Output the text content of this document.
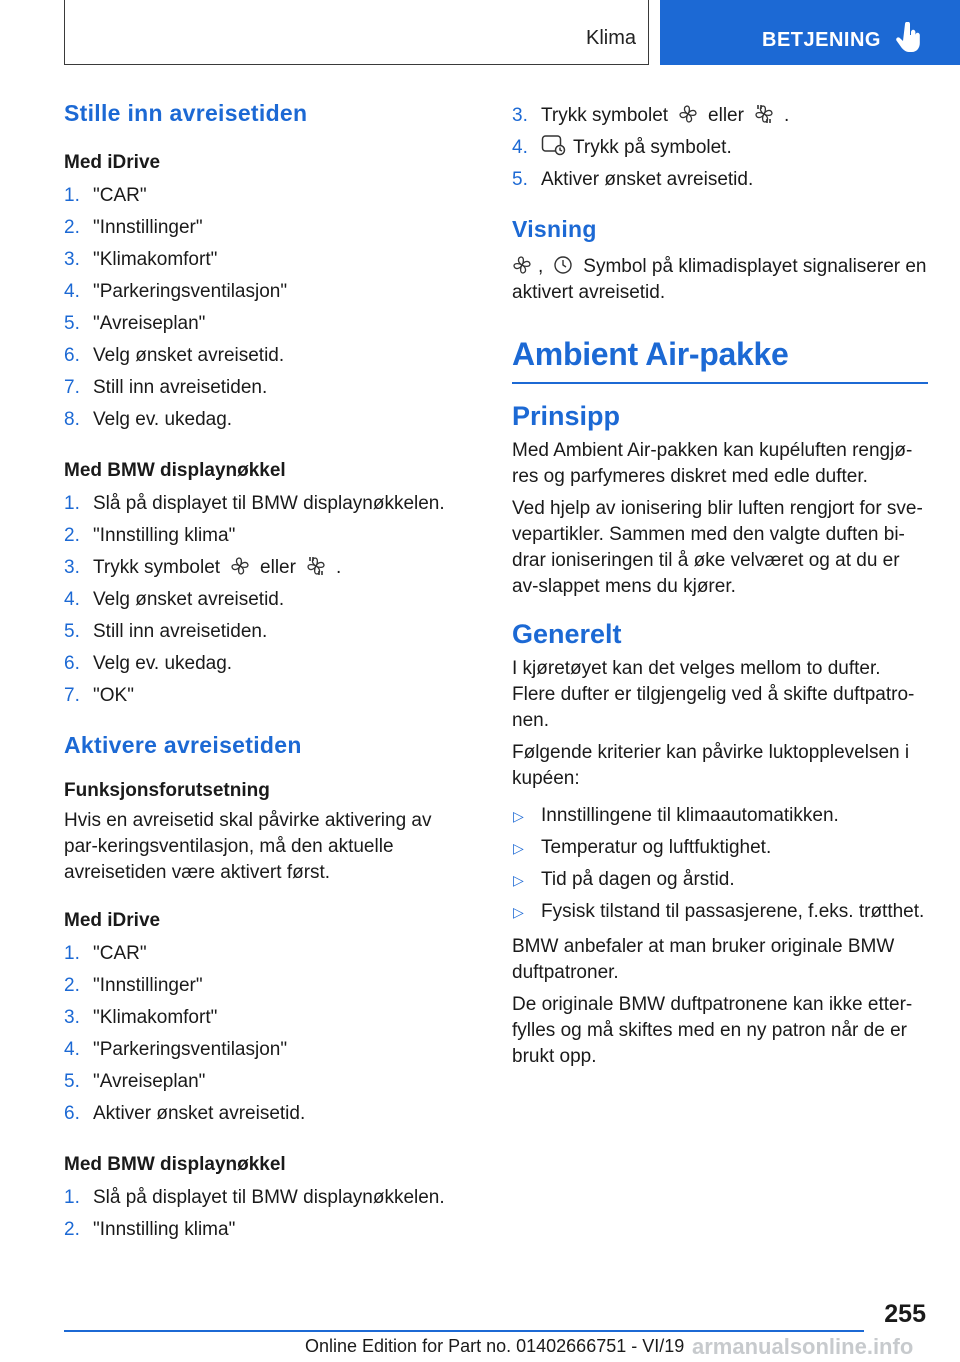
Klima	BETJENING
Stille inn avreisetiden
Med iDrive
1. "CAR"
2. "Innstillinger"
3. "Klimakomfort"
4. "Parkeringsventilasjon"
5. "Avreiseplan"
6. Velg ønsket avreisetid.
7. Still inn avreisetiden.
8. Velg ev. ukedag.
Med BMW displaynøkkel
1. Slå på displayet til BMW displaynøkkelen.
2. "Innstilling klima"
3. Trykk symbolet eller .
4. Velg ønsket avreisetid.
5. Still inn avreisetiden.
6. Velg ev. ukedag.
7. "OK"
Aktivere avreisetiden
Funksjonsforutsetning
Hvis en avreisetid skal påvirke aktivering av par-keringsventilasjon, må den aktuelle avreisetiden være aktivert først.
Med iDrive
1. "CAR"
2. "Innstillinger"
3. "Klimakomfort"
4. "Parkeringsventilasjon"
5. "Avreiseplan"
6. Aktiver ønsket avreisetid.
Med BMW displaynøkkel
1. Slå på displayet til BMW displaynøkkelen.
2. "Innstilling klima"
3. Trykk symbolet eller .
4. Trykk på symbolet.
5. Aktiver ønsket avreisetid.
Visning
, Symbol på klimadisplayet signaliserer en aktivert avreisetid.
Ambient Air-pakke
Prinsipp
Med Ambient Air-pakken kan kupéluften rengjø-res og parfymeres diskret med edle dufter.
Ved hjelp av ionisering blir luften rengjort for sve-vepartikler. Sammen med den valgte duften bi-drar ioniseringen til å øke velværet og at du er av-slappet mens du kjører.
Generelt
I kjøretøyet kan det velges mellom to dufter. Flere dufter er tilgjengelig ved å skifte duftpatro-nen.
Følgende kriterier kan påvirke luktopplevelsen i kupéen:
▷ Innstillingene til klimaautomatikken.
▷ Temperatur og luftfuktighet.
▷ Tid på dagen og årstid.
▷ Fysisk tilstand til passasjerene, f.eks. trøtthet.
BMW anbefaler at man bruker originale BMW duftpatroner.
De originale BMW duftpatronene kan ikke etter-fylles og må skiftes med en ny patron når de er brukt opp.
255
Online Edition for Part no. 01402666751 - VI/19 armanualsonline.info
